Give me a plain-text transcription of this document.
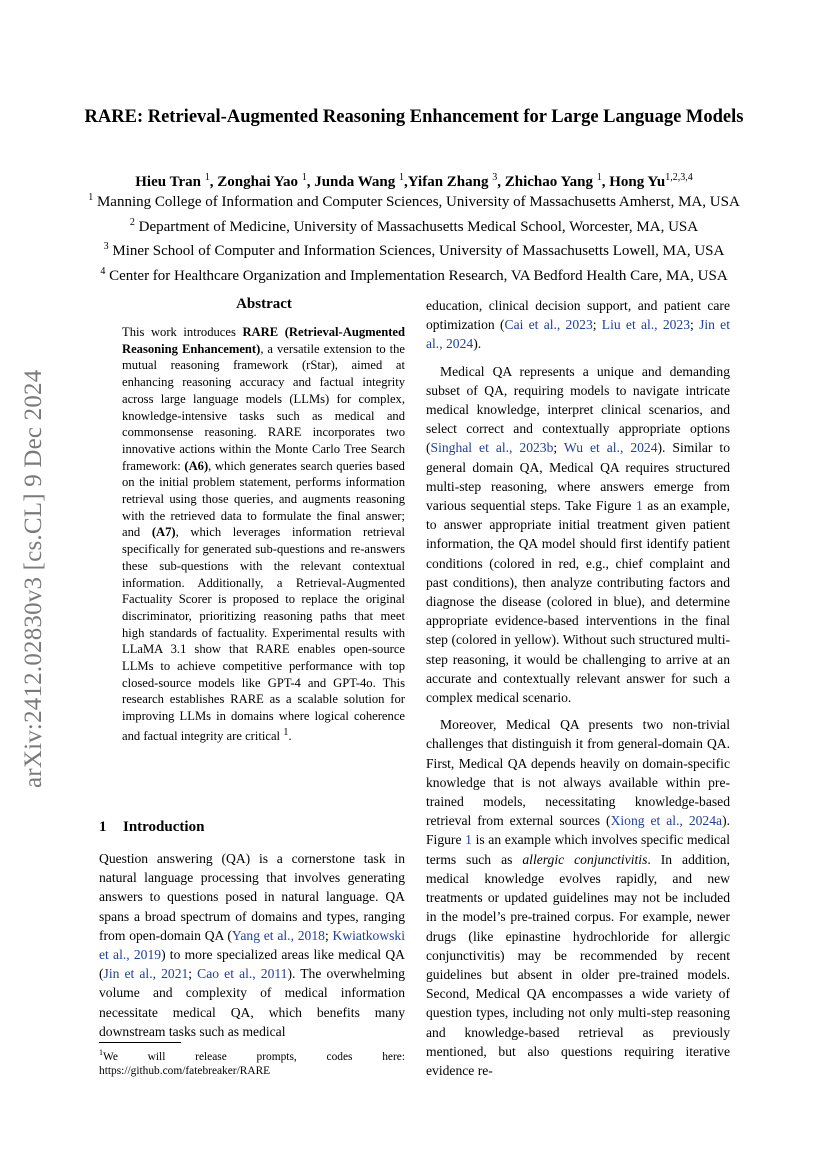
RARE: Retrieval-Augmented Reasoning Enhancement for Large Language Models
Hieu Tran $^1$, Zonghai Yao $^1$, Junda Wang $^1$,Yifan Zhang $^3$, Zhichao Yang $^1$, Hong Yu$^{1,2,3,4}$
$^1$ Manning College of Information and Computer Sciences, University of Massachusetts Amherst, MA, USA
$^2$ Department of Medicine, University of Massachusetts Medical School, Worcester, MA, USA
$^3$ Miner School of Computer and Information Sciences, University of Massachusetts Lowell, MA, USA
$^4$ Center for Healthcare Organization and Implementation Research, VA Bedford Health Care, MA, USA
arXiv:2412.02830v3 [cs.CL] 9 Dec 2024
Abstract

This work introduces RARE (Retrieval-Augmented Reasoning Enhancement), a versatile extension to the mutual reasoning framework (rStar), aimed at enhancing reasoning accuracy and factual integrity across large language models (LLMs) for complex, knowledge-intensive tasks such as medical and commonsense reasoning. RARE incorporates two innovative actions within the Monte Carlo Tree Search framework: (A6), which generates search queries based on the initial problem statement, performs information retrieval using those queries, and augments reasoning with the retrieved data to formulate the final answer; and (A7), which leverages information retrieval specifically for generated sub-questions and re-answers these sub-questions with the relevant contextual information. Additionally, a Retrieval-Augmented Factuality Scorer is proposed to replace the original discriminator, prioritizing reasoning paths that meet high standards of factuality. Experimental results with LLaMA 3.1 show that RARE enables open-source LLMs to achieve competitive performance with top closed-source models like GPT-4 and GPT-4o. This research establishes RARE as a scalable solution for improving LLMs in domains where logical coherence and factual integrity are critical $^1$.

1 Introduction

Question answering (QA) is a cornerstone task in natural language processing that involves generating answers to questions posed in natural language. QA spans a broad spectrum of domains and types, ranging from open-domain QA (Yang et al., 2018; Kwiatkowski et al., 2019) to more specialized areas like medical QA (Jin et al., 2021; Cao et al., 2011). The overwhelming volume and complexity of medical information necessitate medical QA, which benefits many downstream tasks such as medical

$^1$We will release prompts, codes here: https://github.com/fatebreaker/RARE

education, clinical decision support, and patient care optimization (Cai et al., 2023; Liu et al., 2023; Jin et al., 2024).

Medical QA represents a unique and demanding subset of QA, requiring models to navigate intricate medical knowledge, interpret clinical scenarios, and select correct and contextually appropriate options (Singhal et al., 2023b; Wu et al., 2024). Similar to general domain QA, Medical QA requires structured multi-step reasoning, where answers emerge from various sequential steps. Take Figure 1 as an example, to answer appropriate initial treatment given patient information, the QA model should first identify patient conditions (colored in red, e.g., chief complaint and past conditions), then analyze contributing factors and diagnose the disease (colored in blue), and determine appropriate evidence-based interventions in the final step (colored in yellow). Without such structured multi-step reasoning, it would be challenging to arrive at an accurate and contextually relevant answer for such a complex medical scenario.

Moreover, Medical QA presents two non-trivial challenges that distinguish it from general-domain QA. First, Medical QA depends heavily on domain-specific knowledge that is not always available within pre-trained models, necessitating knowledge-based retrieval from external sources (Xiong et al., 2024a). Figure 1 is an example which involves specific medical terms such as allergic conjunctivitis. In addition, medical knowledge evolves rapidly, and new treatments or updated guidelines may not be included in the model’s pre-trained corpus. For example, newer drugs (like epinastine hydrochloride for allergic conjunctivitis) may be recommended by recent guidelines but absent in older pre-trained models. Second, Medical QA encompasses a wide variety of question types, including not only multi-step reasoning and knowledge-based retrieval as previously mentioned, but also questions requiring iterative evidence re-
